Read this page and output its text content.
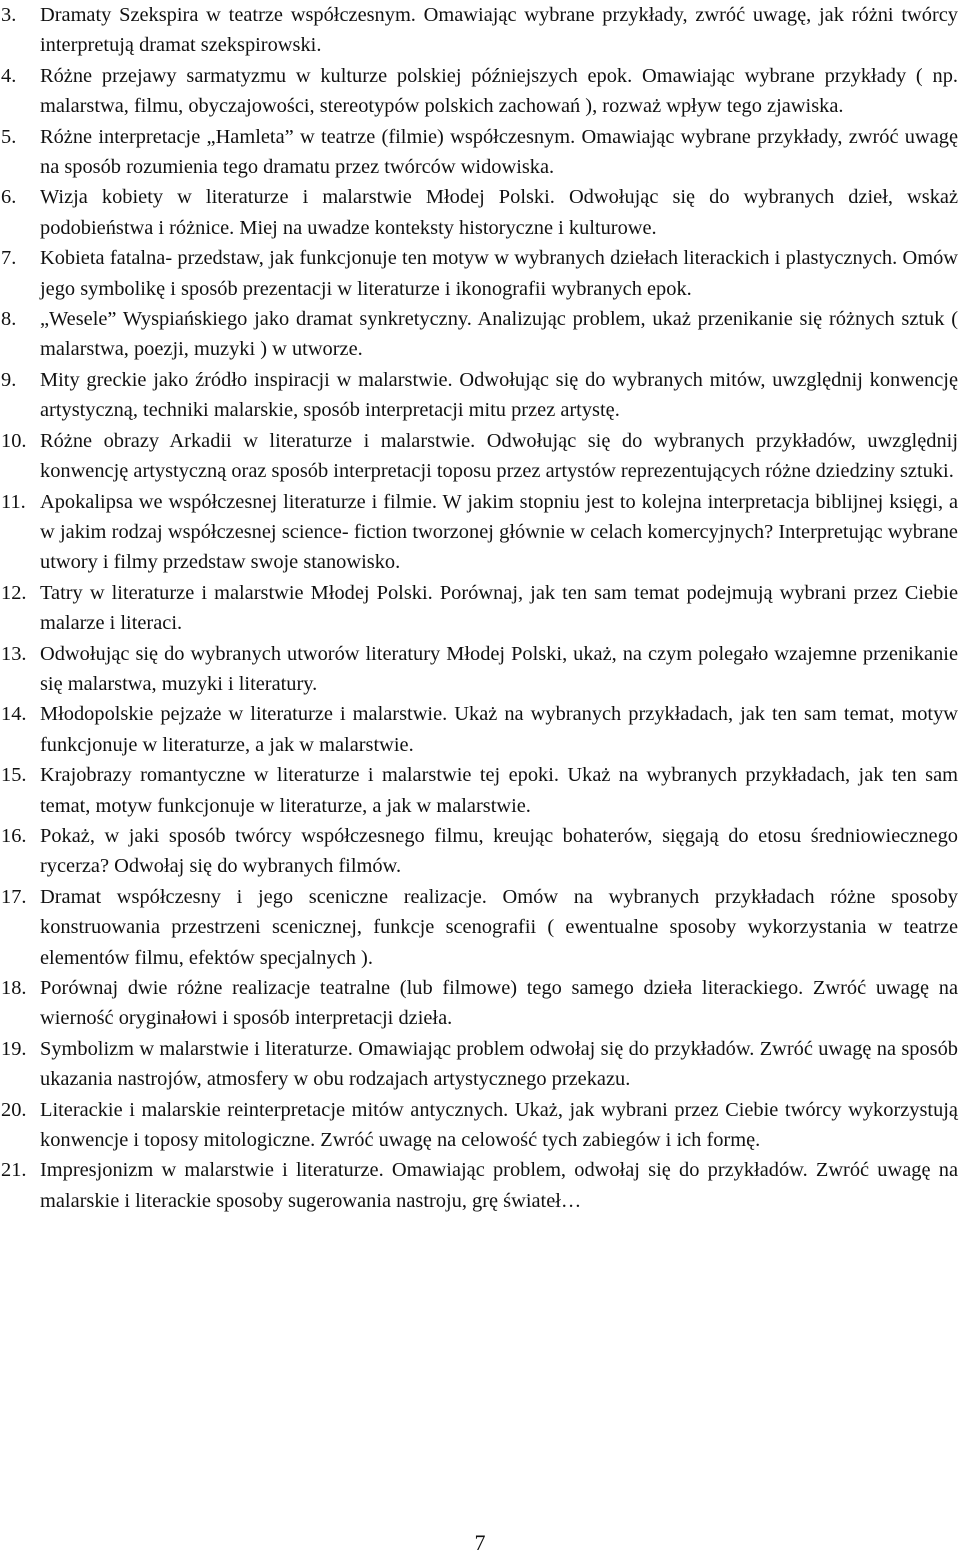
3. Dramaty Szekspira w teatrze współczesnym. Omawiając wybrane przykłady, zwróć uwagę, jak różni twórcy interpretują dramat szekspirowski.
4. Różne przejawy sarmatyzmu w kulturze polskiej późniejszych epok. Omawiając wybrane przykłady ( np. malarstwa, filmu, obyczajowości, stereotypów polskich zachowań ), rozważ wpływ tego zjawiska.
5. Różne interpretacje „Hamleta” w teatrze (filmie) współczesnym. Omawiając wybrane przykłady, zwróć uwagę na sposób rozumienia tego dramatu przez twórców widowiska.
6. Wizja kobiety w literaturze i malarstwie Młodej Polski. Odwołując się do wybranych dzieł, wskaż podobieństwa i różnice. Miej na uwadze konteksty historyczne i kulturowe.
7. Kobieta fatalna- przedstaw, jak funkcjonuje ten motyw w wybranych dziełach literackich i plastycznych. Omów jego symbolikę i sposób prezentacji w literaturze i ikonografii wybranych epok.
8. „Wesele” Wyspiańskiego jako dramat synkretyczny. Analizując problem, ukaż przenikanie się różnych sztuk ( malarstwa, poezji, muzyki ) w utworze.
9. Mity greckie jako źródło inspiracji w malarstwie. Odwołując się do wybranych mitów, uwzględnij konwencję artystyczną, techniki malarskie, sposób interpretacji mitu przez artystę.
10. Różne obrazy Arkadii w literaturze i malarstwie. Odwołując się do wybranych przykładów, uwzględnij konwencję artystyczną oraz sposób interpretacji toposu przez artystów reprezentujących różne dziedziny sztuki.
11. Apokalipsa we współczesnej literaturze i filmie. W jakim stopniu jest to kolejna interpretacja biblijnej księgi, a w jakim rodzaj współczesnej science- fiction tworzonej głównie w celach komercyjnych? Interpretując wybrane utwory i filmy przedstaw swoje stanowisko.
12. Tatry w literaturze i malarstwie Młodej Polski. Porównaj, jak ten sam temat podejmują wybrani przez Ciebie malarze i literaci.
13. Odwołując się do wybranych utworów literatury Młodej Polski, ukaż, na czym polegało wzajemne przenikanie się malarstwa, muzyki i literatury.
14. Młodopolskie pejzaże w literaturze i malarstwie. Ukaż na wybranych przykładach, jak ten sam temat, motyw funkcjonuje w literaturze, a jak w malarstwie.
15. Krajobrazy romantyczne w literaturze i malarstwie tej epoki. Ukaż na wybranych przykładach, jak ten sam temat, motyw funkcjonuje w literaturze, a jak w malarstwie.
16. Pokaż, w jaki sposób twórcy współczesnego filmu, kreując bohaterów, sięgają do etosu średniowiecznego rycerza? Odwołaj się do wybranych filmów.
17. Dramat współczesny i jego sceniczne realizacje. Omów na wybranych przykładach różne sposoby konstruowania przestrzeni scenicznej, funkcje scenografii ( ewentualne sposoby wykorzystania w teatrze elementów filmu, efektów specjalnych ).
18. Porównaj dwie różne realizacje teatralne (lub filmowe) tego samego dzieła literackiego. Zwróć uwagę na wierność oryginałowi i sposób interpretacji dzieła.
19. Symbolizm w malarstwie i literaturze. Omawiając problem odwołaj się do przykładów. Zwróć uwagę na sposób ukazania nastrojów, atmosfery w obu rodzajach artystycznego przekazu.
20. Literackie i malarskie reinterpretacje mitów antycznych. Ukaż, jak wybrani przez Ciebie twórcy wykorzystują konwencje i toposy mitologiczne. Zwróć uwagę na celowość tych zabiegów i ich formę.
21. Impresjonizm w malarstwie i literaturze. Omawiając problem, odwołaj się do przykładów. Zwróć uwagę na malarskie i literackie sposoby sugerowania nastroju, grę świateł…
7
